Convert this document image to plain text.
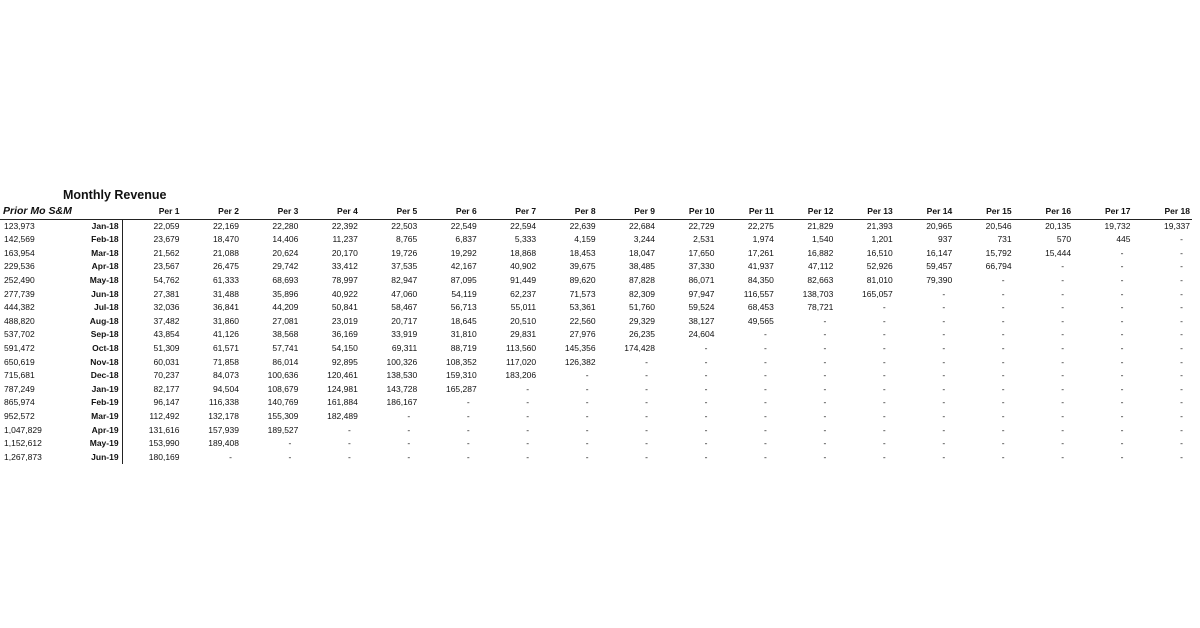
Monthly Revenue
Prior Mo S&M		Per 1	Per 2	Per 3	Per 4	Per 5	Per 6	Per 7	Per 8	Per 9	Per 10	Per 11	Per 12	Per 13	Per 14	Per 15	Per 16	Per 17	Per 18
123,973	Jan-18	22,059	22,169	22,280	22,392	22,503	22,549	22,594	22,639	22,684	22,729	22,275	21,829	21,393	20,965	20,546	20,135	19,732	19,337
142,569	Feb-18	23,679	18,470	14,406	11,237	8,765	6,837	5,333	4,159	3,244	2,531	1,974	1,540	1,201	937	731	570	445	-
163,954	Mar-18	21,562	21,088	20,624	20,170	19,726	19,292	18,868	18,453	18,047	17,650	17,261	16,882	16,510	16,147	15,792	15,444	-	-
229,536	Apr-18	23,567	26,475	29,742	33,412	37,535	42,167	40,902	39,675	38,485	37,330	41,937	47,112	52,926	59,457	66,794	-	-	-
252,490	May-18	54,762	61,333	68,693	78,997	82,947	87,095	91,449	89,620	87,828	86,071	84,350	82,663	81,010	79,390	-	-	-	-
277,739	Jun-18	27,381	31,488	35,896	40,922	47,060	54,119	62,237	71,573	82,309	97,947	116,557	138,703	165,057	-	-	-	-	-
444,382	Jul-18	32,036	36,841	44,209	50,841	58,467	56,713	55,011	53,361	51,760	59,524	68,453	78,721	-	-	-	-	-	-
488,820	Aug-18	37,482	31,860	27,081	23,019	20,717	18,645	20,510	22,560	29,329	38,127	49,565	-	-	-	-	-	-	-
537,702	Sep-18	43,854	41,126	38,568	36,169	33,919	31,810	29,831	27,976	26,235	24,604	-	-	-	-	-	-	-	-
591,472	Oct-18	51,309	61,571	57,741	54,150	69,311	88,719	113,560	145,356	174,428	-	-	-	-	-	-	-	-	-
650,619	Nov-18	60,031	71,858	86,014	92,895	100,326	108,352	117,020	126,382	-	-	-	-	-	-	-	-	-	-
715,681	Dec-18	70,237	84,073	100,636	120,461	138,530	159,310	183,206	-	-	-	-	-	-	-	-	-	-	-
787,249	Jan-19	82,177	94,504	108,679	124,981	143,728	165,287	-	-	-	-	-	-	-	-	-	-	-	-
865,974	Feb-19	96,147	116,338	140,769	161,884	186,167	-	-	-	-	-	-	-	-	-	-	-	-	-
952,572	Mar-19	112,492	132,178	155,309	182,489	-	-	-	-	-	-	-	-	-	-	-	-	-	-
1,047,829	Apr-19	131,616	157,939	189,527	-	-	-	-	-	-	-	-	-	-	-	-	-	-	-
1,152,612	May-19	153,990	189,408	-	-	-	-	-	-	-	-	-	-	-	-	-	-	-	-
1,267,873	Jun-19	180,169	-	-	-	-	-	-	-	-	-	-	-	-	-	-	-	-	-
